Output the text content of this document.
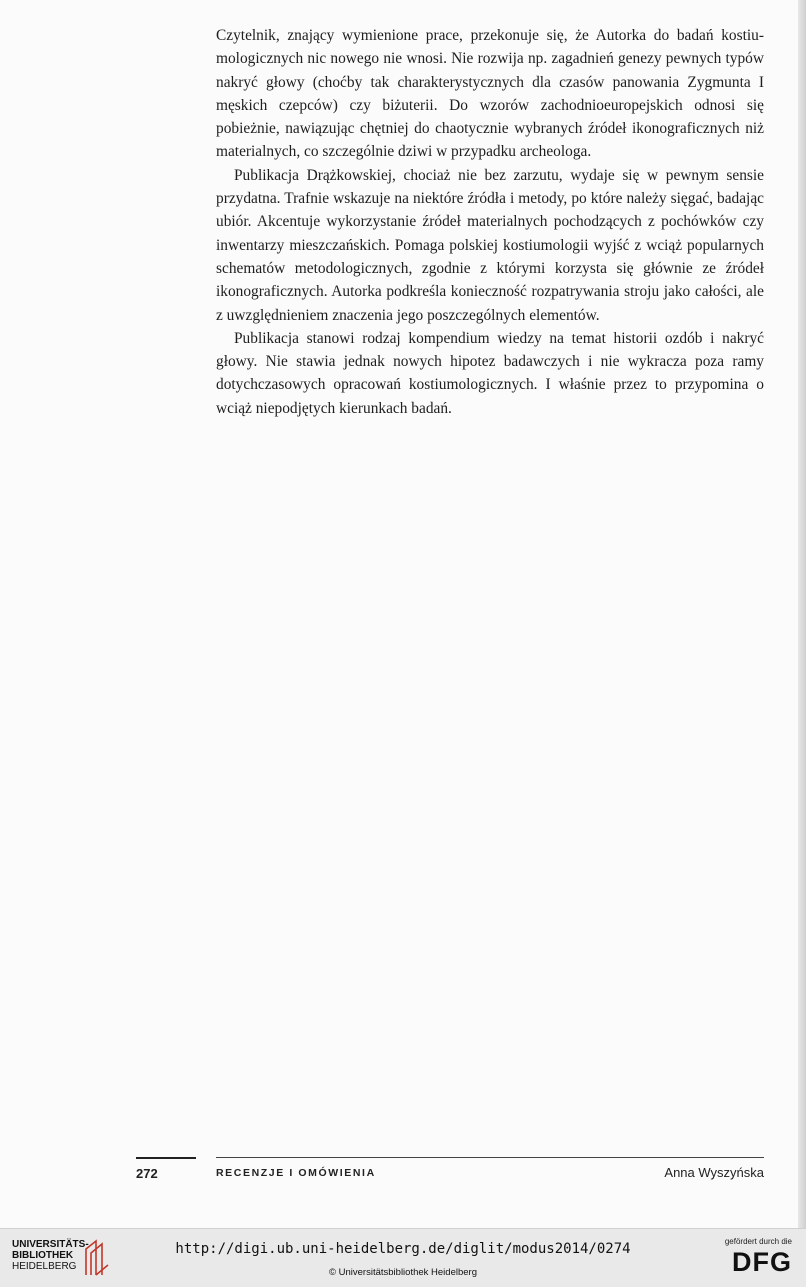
Czytelnik, znający wymienione prace, przekonuje się, że Autorka do badań kostiumologicznych nic nowego nie wnosi. Nie rozwija np. zagadnień genezy pewnych typów nakryć głowy (choćby tak charakterystycznych dla czasów panowania Zygmunta I męskich czepców) czy biżuterii. Do wzorów zachodnioeuropejskich odnosi się pobieżnie, nawiązując chętniej do chaotycznie wybranych źródeł ikonograficznych niż materialnych, co szczególnie dziwi w przypadku archeologa.

Publikacja Drążkowskiej, chociaż nie bez zarzutu, wydaje się w pewnym sensie przydatna. Trafnie wskazuje na niektóre źródła i metody, po które należy sięgać, badając ubiór. Akcentuje wykorzystanie źródeł materialnych pochodzących z pochówków czy inwentarzy mieszczańskich. Pomaga polskiej kostiumologii wyjść z wciąż popularnych schematów metodologicznych, zgodnie z którymi korzysta się głównie ze źródeł ikonograficznych. Autorka podkreśla konieczność rozpatrywania stroju jako całości, ale z uwzględnieniem znaczenia jego poszczególnych elementów.

Publikacja stanowi rodzaj kompendium wiedzy na temat historii ozdób i nakryć głowy. Nie stawia jednak nowych hipotez badawczych i nie wykracza poza ramy dotychczasowych opracowań kostiumologicznych. I właśnie przez to przypomina o wciąż niepodjętych kierunkach badań.

272	RECENZJE I OMÓWIENIA	Anna Wyszyńska
UNIVERSITÄTS-
BIBLIOTHEK
HEIDELBERG
http://digi.ub.uni-heidelberg.de/diglit/modus2014/0274
© Universitätsbibliothek Heidelberg
gefördert durch die
DFG
